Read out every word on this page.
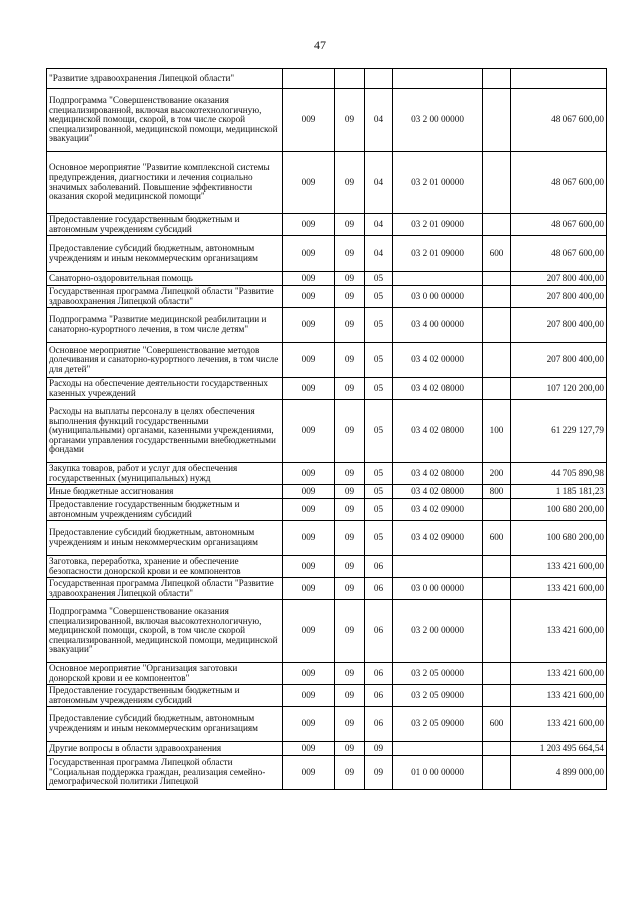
47
"Развитие здравоохранения Липецкой области"						
Подпрограмма "Совершенствование оказания специализированной, включая высокотехнологичную, медицинской помощи, скорой, в том числе скорой специализированной, медицинской помощи, медицинской эвакуации"	009	09	04	03 2 00 00000		48 067 600,00
Основное мероприятие "Развитие комплексной системы предупреждения, диагностики и лечения социально значимых заболеваний. Повышение эффективности оказания скорой медицинской помощи"	009	09	04	03 2 01 00000		48 067 600,00
Предоставление государственным бюджетным и автономным учреждениям субсидий	009	09	04	03 2 01 09000		48 067 600,00
Предоставление субсидий бюджетным, автономным учреждениям и иным некоммерческим организациям	009	09	04	03 2 01 09000	600	48 067 600,00
Санаторно-оздоровительная помощь	009	09	05			207 800 400,00
Государственная программа Липецкой области "Развитие здравоохранения Липецкой области"	009	09	05	03 0 00 00000		207 800 400,00
Подпрограмма "Развитие медицинской реабилитации и санаторно-курортного лечения, в том числе детям"	009	09	05	03 4 00 00000		207 800 400,00
Основное мероприятие "Совершенствование методов долечивания и санаторно-курортного лечения, в том числе для детей"	009	09	05	03 4 02 00000		207 800 400,00
Расходы на обеспечение деятельности государственных казенных учреждений	009	09	05	03 4 02 08000		107 120 200,00
Расходы на выплаты персоналу в целях обеспечения выполнения функций государственными (муниципальными) органами, казенными учреждениями, органами управления государственными внебюджетными фондами	009	09	05	03 4 02 08000	100	61 229 127,79
Закупка товаров, работ и услуг для обеспечения государственных (муниципальных) нужд	009	09	05	03 4 02 08000	200	44 705 890,98
Иные бюджетные ассигнования	009	09	05	03 4 02 08000	800	1 185 181,23
Предоставление государственным бюджетным и автономным учреждениям субсидий	009	09	05	03 4 02 09000		100 680 200,00
Предоставление субсидий бюджетным, автономным учреждениям и иным некоммерческим организациям	009	09	05	03 4 02 09000	600	100 680 200,00
Заготовка, переработка, хранение и обеспечение безопасности донорской крови и ее компонентов	009	09	06			133 421 600,00
Государственная программа Липецкой области "Развитие здравоохранения Липецкой области"	009	09	06	03 0 00 00000		133 421 600,00
Подпрограмма "Совершенствование оказания специализированной, включая высокотехнологичную, медицинской помощи, скорой, в том числе скорой специализированной, медицинской помощи, медицинской эвакуации"	009	09	06	03 2 00 00000		133 421 600,00
Основное мероприятие "Организация заготовки донорской крови и ее компонентов"	009	09	06	03 2 05 00000		133 421 600,00
Предоставление государственным бюджетным и автономным учреждениям субсидий	009	09	06	03 2 05 09000		133 421 600,00
Предоставление субсидий бюджетным, автономным учреждениям и иным некоммерческим организациям	009	09	06	03 2 05 09000	600	133 421 600,00
Другие вопросы в области здравоохранения	009	09	09			1 203 495 664,54
Государственная программа Липецкой области "Социальная поддержка граждан, реализация семейно-демографической политики Липецкой	009	09	09	01 0 00 00000		4 899 000,00
